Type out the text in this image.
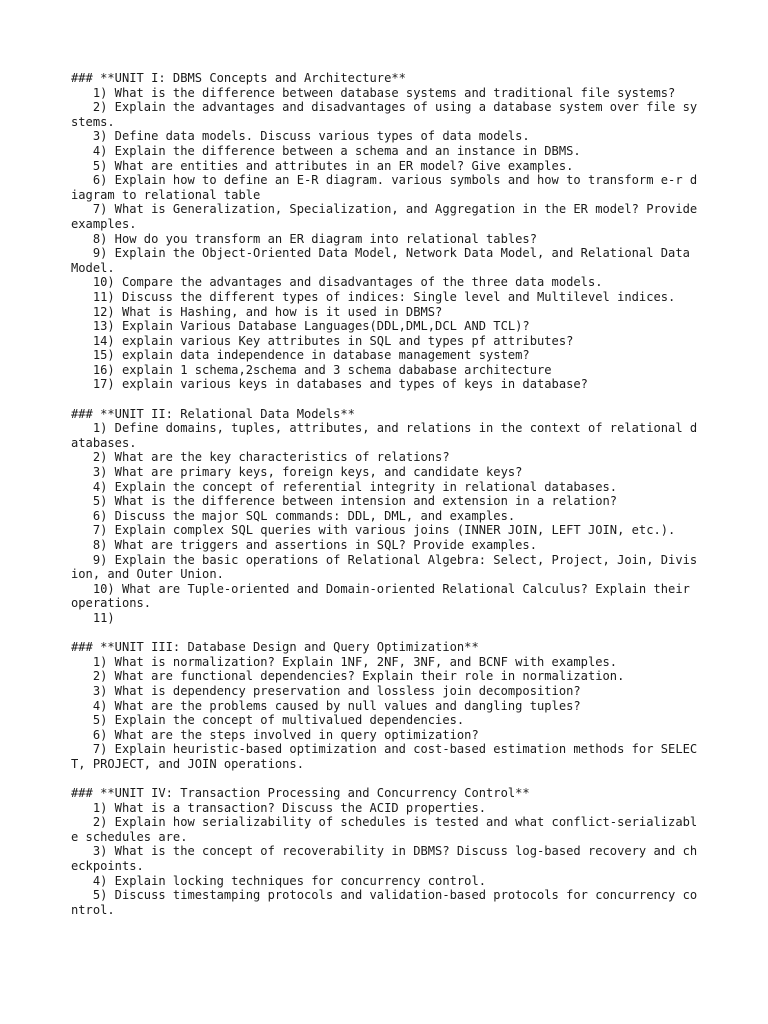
### **UNIT I: DBMS Concepts and Architecture**
1) What is the difference between database systems and traditional file systems?
2) Explain the advantages and disadvantages of using a database system over file systems.
3) Define data models. Discuss various types of data models.
4) Explain the difference between a schema and an instance in DBMS.
5) What are entities and attributes in an ER model? Give examples.
6) Explain how to define an E-R diagram. various symbols and how to transform e-r diagram to relational table
7) What is Generalization, Specialization, and Aggregation in the ER model? Provide examples.
8) How do you transform an ER diagram into relational tables?
9) Explain the Object-Oriented Data Model, Network Data Model, and Relational Data Model.
10) Compare the advantages and disadvantages of the three data models.
11) Discuss the different types of indices: Single level and Multilevel indices.
12) What is Hashing, and how is it used in DBMS?
13) Explain Various Database Languages(DDL,DML,DCL AND TCL)?
14) explain various Key attributes in SQL and types pf attributes?
15) explain data independence in database management system?
16) explain 1 schema,2schema and 3 schema dababase architecture
17) explain various keys in databases and types of keys in database?
### **UNIT II: Relational Data Models**
1) Define domains, tuples, attributes, and relations in the context of relational databases.
2) What are the key characteristics of relations?
3) What are primary keys, foreign keys, and candidate keys?
4) Explain the concept of referential integrity in relational databases.
5) What is the difference between intension and extension in a relation?
6) Discuss the major SQL commands: DDL, DML, and examples.
7) Explain complex SQL queries with various joins (INNER JOIN, LEFT JOIN, etc.).
8) What are triggers and assertions in SQL? Provide examples.
9) Explain the basic operations of Relational Algebra: Select, Project, Join, Division, and Outer Union.
10) What are Tuple-oriented and Domain-oriented Relational Calculus? Explain their operations.
11)
### **UNIT III: Database Design and Query Optimization**
1) What is normalization? Explain 1NF, 2NF, 3NF, and BCNF with examples.
2) What are functional dependencies? Explain their role in normalization.
3) What is dependency preservation and lossless join decomposition?
4) What are the problems caused by null values and dangling tuples?
5) Explain the concept of multivalued dependencies.
6) What are the steps involved in query optimization?
7) Explain heuristic-based optimization and cost-based estimation methods for SELECT, PROJECT, and JOIN operations.
### **UNIT IV: Transaction Processing and Concurrency Control**
1) What is a transaction? Discuss the ACID properties.
2) Explain how serializability of schedules is tested and what conflict-serializable schedules are.
3) What is the concept of recoverability in DBMS? Discuss log-based recovery and checkpoints.
4) Explain locking techniques for concurrency control.
5) Discuss timestamping protocols and validation-based protocols for concurrency control.
